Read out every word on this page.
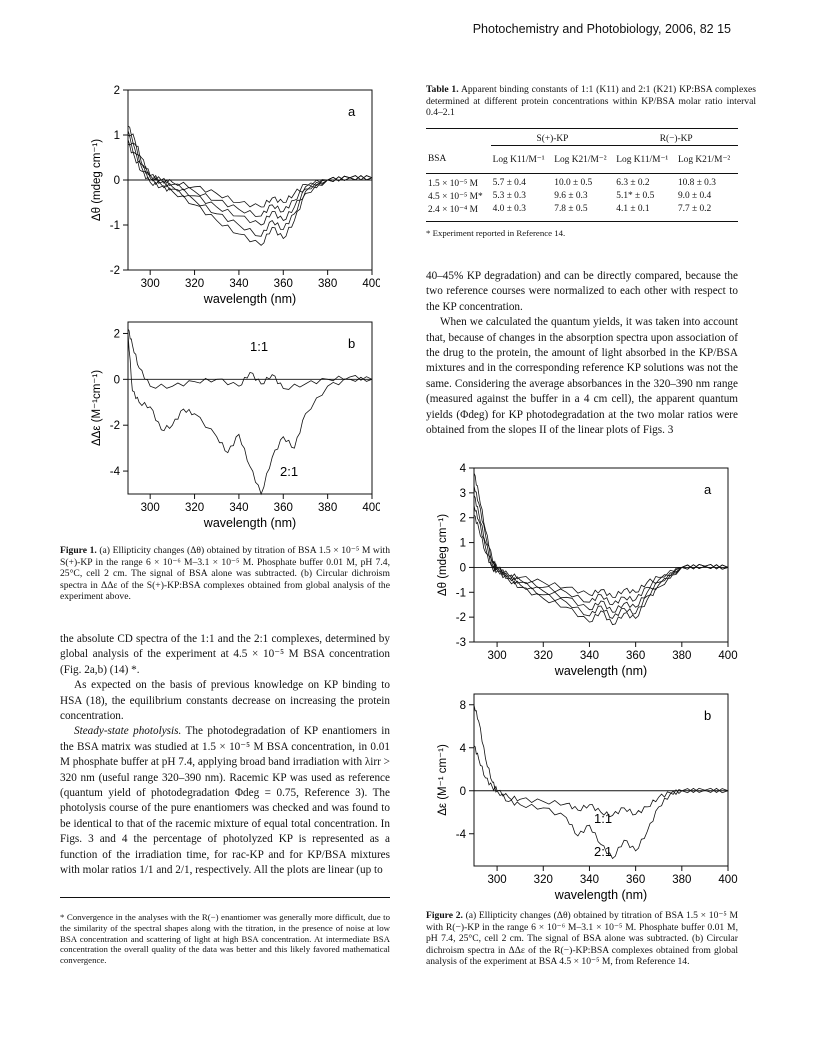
Photochemistry and Photobiology, 2006, 82 15
300 320 340 360 380 400
-2
-1
0
1
2
wavelength (nm)
Δθ (mdeg cm⁻¹)
a
300 320 340 360 380 400
-4
-2
0
2
wavelength (nm)
ΔΔε (M⁻¹cm⁻¹)
b
1:1
2:1
Figure 1. (a) Ellipticity changes (Δθ) obtained by titration of BSA 1.5 × 10⁻⁵ M with S(+)-KP in the range 6 × 10⁻⁶ M–3.1 × 10⁻⁵ M. Phosphate buffer 0.01 M, pH 7.4, 25°C, cell 2 cm. The signal of BSA alone was subtracted. (b) Circular dichroism spectra in ΔΔε of the S(+)-KP:BSA complexes obtained from global analysis of the experiment above.

the absolute CD spectra of the 1:1 and the 2:1 complexes, determined by global analysis of the experiment at 4.5 × 10⁻⁵ M BSA concentration (Fig. 2a,b) (14) *.

As expected on the basis of previous knowledge on KP binding to HSA (18), the equilibrium constants decrease on increasing the protein concentration.

Steady-state photolysis. The photodegradation of KP enantiomers in the BSA matrix was studied at 1.5 × 10⁻⁵ M BSA concentration, in 0.01 M phosphate buffer at pH 7.4, applying broad band irradiation with λirr > 320 nm (useful range 320–390 nm). Racemic KP was used as reference (quantum yield of photodegradation Φdeg = 0.75, Reference 3). The photolysis course of the pure enantiomers was checked and was found to be identical to that of the racemic mixture of equal total concentration. In Figs. 3 and 4 the percentage of photolyzed KP is represented as a function of the irradiation time, for rac-KP and for KP/BSA mixtures with molar ratios 1/1 and 2/1, respectively. All the plots are linear (up to

* Convergence in the analyses with the R(−) enantiomer was generally more difficult, due to the similarity of the spectral shapes along with the titration, in the presence of noise at low BSA concentration and scattering of light at high BSA concentration. At intermediate BSA concentration the overall quality of the data was better and this likely favored mathematical convergence.
Table 1. Apparent binding constants of 1:1 (K11) and 2:1 (K21) KP:BSA complexes determined at different protein concentrations within KP/BSA molar ratio interval 0.4–2.1

	S(+)-KP		R(−)-KP	

BSA	Log K11/M⁻¹	Log K21/M⁻²	Log K11/M⁻¹	Log K21/M⁻²

1.5 × 10⁻⁵ M	5.7 ± 0.4	10.0 ± 0.5	6.3 ± 0.2	10.8 ± 0.3
4.5 × 10⁻⁵ M*	5.3 ± 0.3	9.6 ± 0.3	5.1* ± 0.5	9.0 ± 0.4
2.4 × 10⁻⁴ M	4.0 ± 0.3	7.8 ± 0.5	4.1 ± 0.1	7.7 ± 0.2

* Experiment reported in Reference 14.

40–45% KP degradation) and can be directly compared, because the two reference courses were normalized to each other with respect to the KP concentration.

When we calculated the quantum yields, it was taken into account that, because of changes in the absorption spectra upon association of the drug to the protein, the amount of light absorbed in the KP/BSA mixtures and in the corresponding reference KP solutions was not the same. Considering the average absorbances in the 320–390 nm range (measured against the buffer in a 4 cm cell), the apparent quantum yields (Φdeg) for KP photodegradation at the two molar ratios were obtained from the slopes II of the linear plots of Figs. 3

300 320 340 360 380 400
-3
-2
-1
0
1
2
3
4
wavelength (nm)
Δθ (mdeg cm⁻¹)
a
300 320 340 360 380 400
-4
0
4
8
wavelength (nm)
Δε (M⁻¹ cm⁻¹)
b
1:1
2:1
Figure 2. (a) Ellipticity changes (Δθ) obtained by titration of BSA 1.5 × 10⁻⁵ M with R(−)-KP in the range 6 × 10⁻⁶ M–3.1 × 10⁻⁵ M. Phosphate buffer 0.01 M, pH 7.4, 25°C, cell 2 cm. The signal of BSA alone was subtracted. (b) Circular dichroism spectra in ΔΔε of the R(−)-KP:BSA complexes obtained from global analysis of the experiment at BSA 4.5 × 10⁻⁵ M, from Reference 14.
